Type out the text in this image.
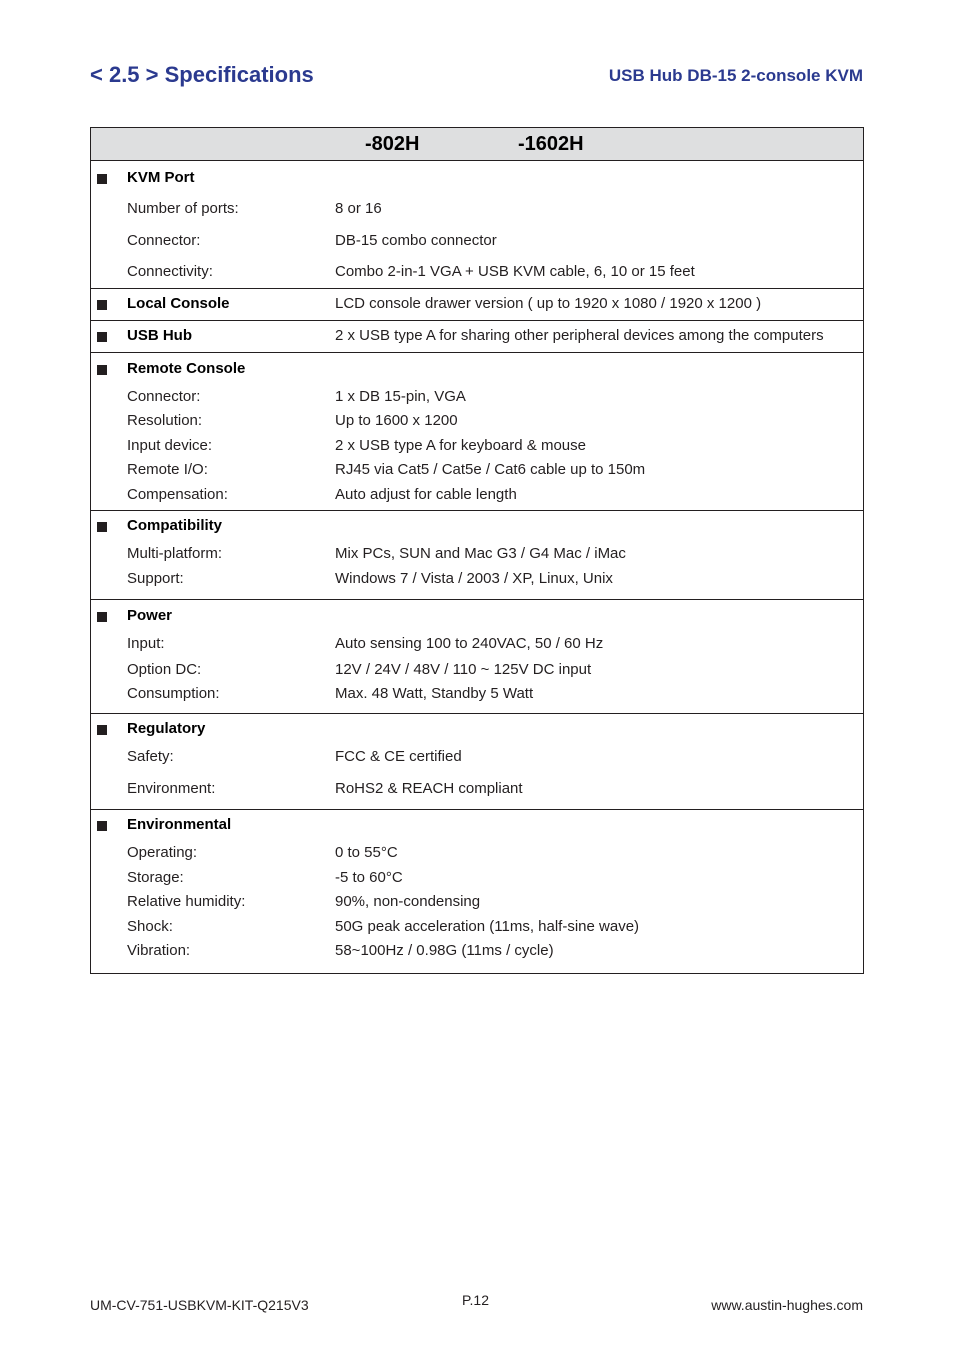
< 2.5 > Specifications	USB Hub DB-15 2-console KVM
-802H	-1602H
KVM Port
Number of ports:	8 or 16
Connector:	DB-15 combo connector
Connectivity:	Combo 2-in-1 VGA + USB KVM cable, 6, 10 or 15 feet
Local Console	LCD console drawer version ( up to 1920 x 1080 / 1920 x 1200 )
USB Hub	2 x USB type A for sharing other peripheral devices among the computers
Remote Console
Connector:	1 x DB 15-pin, VGA
Resolution:	Up to 1600 x 1200
Input device:	2 x USB type A for keyboard & mouse
Remote I/O:	RJ45 via Cat5 / Cat5e / Cat6 cable up to 150m
Compensation:	Auto adjust for cable length
Compatibility
Multi-platform:	Mix PCs, SUN and Mac G3 / G4 Mac / iMac
Support:	Windows 7 / Vista / 2003 / XP, Linux, Unix
Power
Input:	Auto sensing 100 to 240VAC, 50 / 60 Hz
Option DC:	12V / 24V / 48V / 110 ~ 125V DC input
Consumption:	Max. 48 Watt, Standby 5 Watt
Regulatory
Safety:	FCC & CE certified
Environment:	RoHS2 & REACH compliant
Environmental
Operating:	0 to 55°C
Storage:	-5 to 60°C
Relative humidity:	90%, non-condensing
Shock:	50G peak acceleration (11ms, half-sine wave)
Vibration:	58~100Hz / 0.98G (11ms / cycle)
UM-CV-751-USBKVM-KIT-Q215V3	P.12	www.austin-hughes.com
